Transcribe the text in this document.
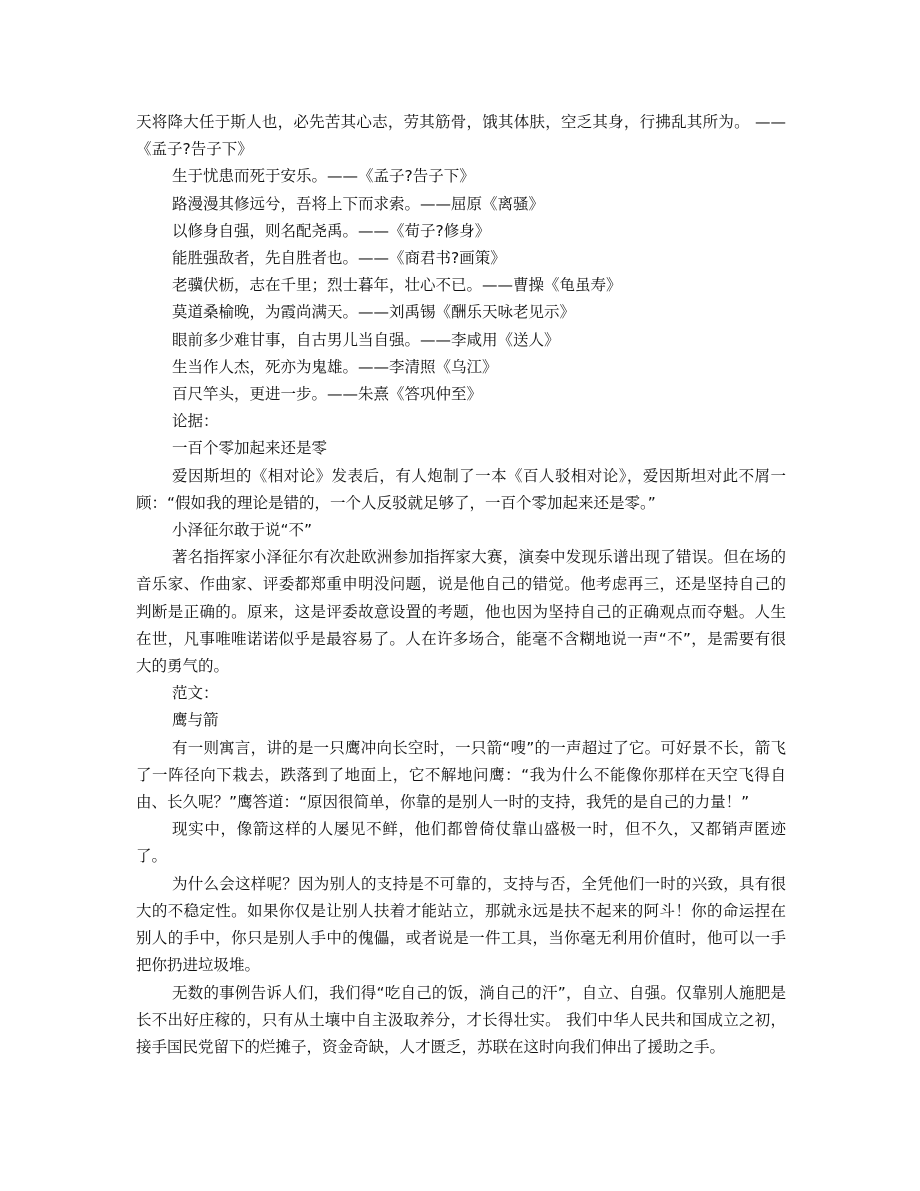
天将降大任于斯人也，必先苦其心志，劳其筋骨，饿其体肤，空乏其身，行拂乱其所为。 ——《孟子?告子下》

生于忧患而死于安乐。——《孟子?告子下》

路漫漫其修远兮，吾将上下而求索。——屈原《离骚》

以修身自强，则名配尧禹。——《荀子?修身》

能胜强敌者，先自胜者也。——《商君书?画策》

老骥伏枥，志在千里；烈士暮年，壮心不已。——曹操《龟虽寿》

莫道桑榆晚，为霞尚满天。——刘禹锡《酬乐天咏老见示》

眼前多少难甘事，自古男儿当自强。——李咸用《送人》

生当作人杰，死亦为鬼雄。——李清照《乌江》

百尺竿头，更进一步。——朱熹《答巩仲至》

论据：

一百个零加起来还是零

爱因斯坦的《相对论》发表后，有人炮制了一本《百人驳相对论》，爱因斯坦对此不屑一顾：“假如我的理论是错的，一个人反驳就足够了，一百个零加起来还是零。”

小泽征尔敢于说“不”

著名指挥家小泽征尔有次赴欧洲参加指挥家大赛，演奏中发现乐谱出现了错误。但在场的音乐家、作曲家、评委都郑重申明没问题，说是他自己的错觉。他考虑再三，还是坚持自己的判断是正确的。原来，这是评委故意设置的考题，他也因为坚持自己的正确观点而夺魁。人生在世，凡事唯唯诺诺似乎是最容易了。人在许多场合，能毫不含糊地说一声“不”，是需要有很大的勇气的。

范文：

鹰与箭

有一则寓言，讲的是一只鹰冲向长空时，一只箭“嗖”的一声超过了它。可好景不长，箭飞了一阵径向下栽去，跌落到了地面上，它不解地问鹰：“我为什么不能像你那样在天空飞得自由、长久呢？”鹰答道：“原因很简单，你靠的是别人一时的支持，我凭的是自己的力量！”

现实中，像箭这样的人屡见不鲜，他们都曾倚仗靠山盛极一时，但不久，又都销声匿迹了。

为什么会这样呢？因为别人的支持是不可靠的，支持与否，全凭他们一时的兴致，具有很大的不稳定性。如果你仅是让别人扶着才能站立，那就永远是扶不起来的阿斗！你的命运捏在别人的手中，你只是别人手中的傀儡，或者说是一件工具，当你毫无利用价值时，他可以一手把你扔进垃圾堆。

无数的事例告诉人们，我们得“吃自己的饭，淌自己的汗”，自立、自强。仅靠别人施肥是长不出好庄稼的，只有从土壤中自主汲取养分，才长得壮实。 我们中华人民共和国成立之初，接手国民党留下的烂摊子，资金奇缺，人才匮乏，苏联在这时向我们伸出了援助之手。
